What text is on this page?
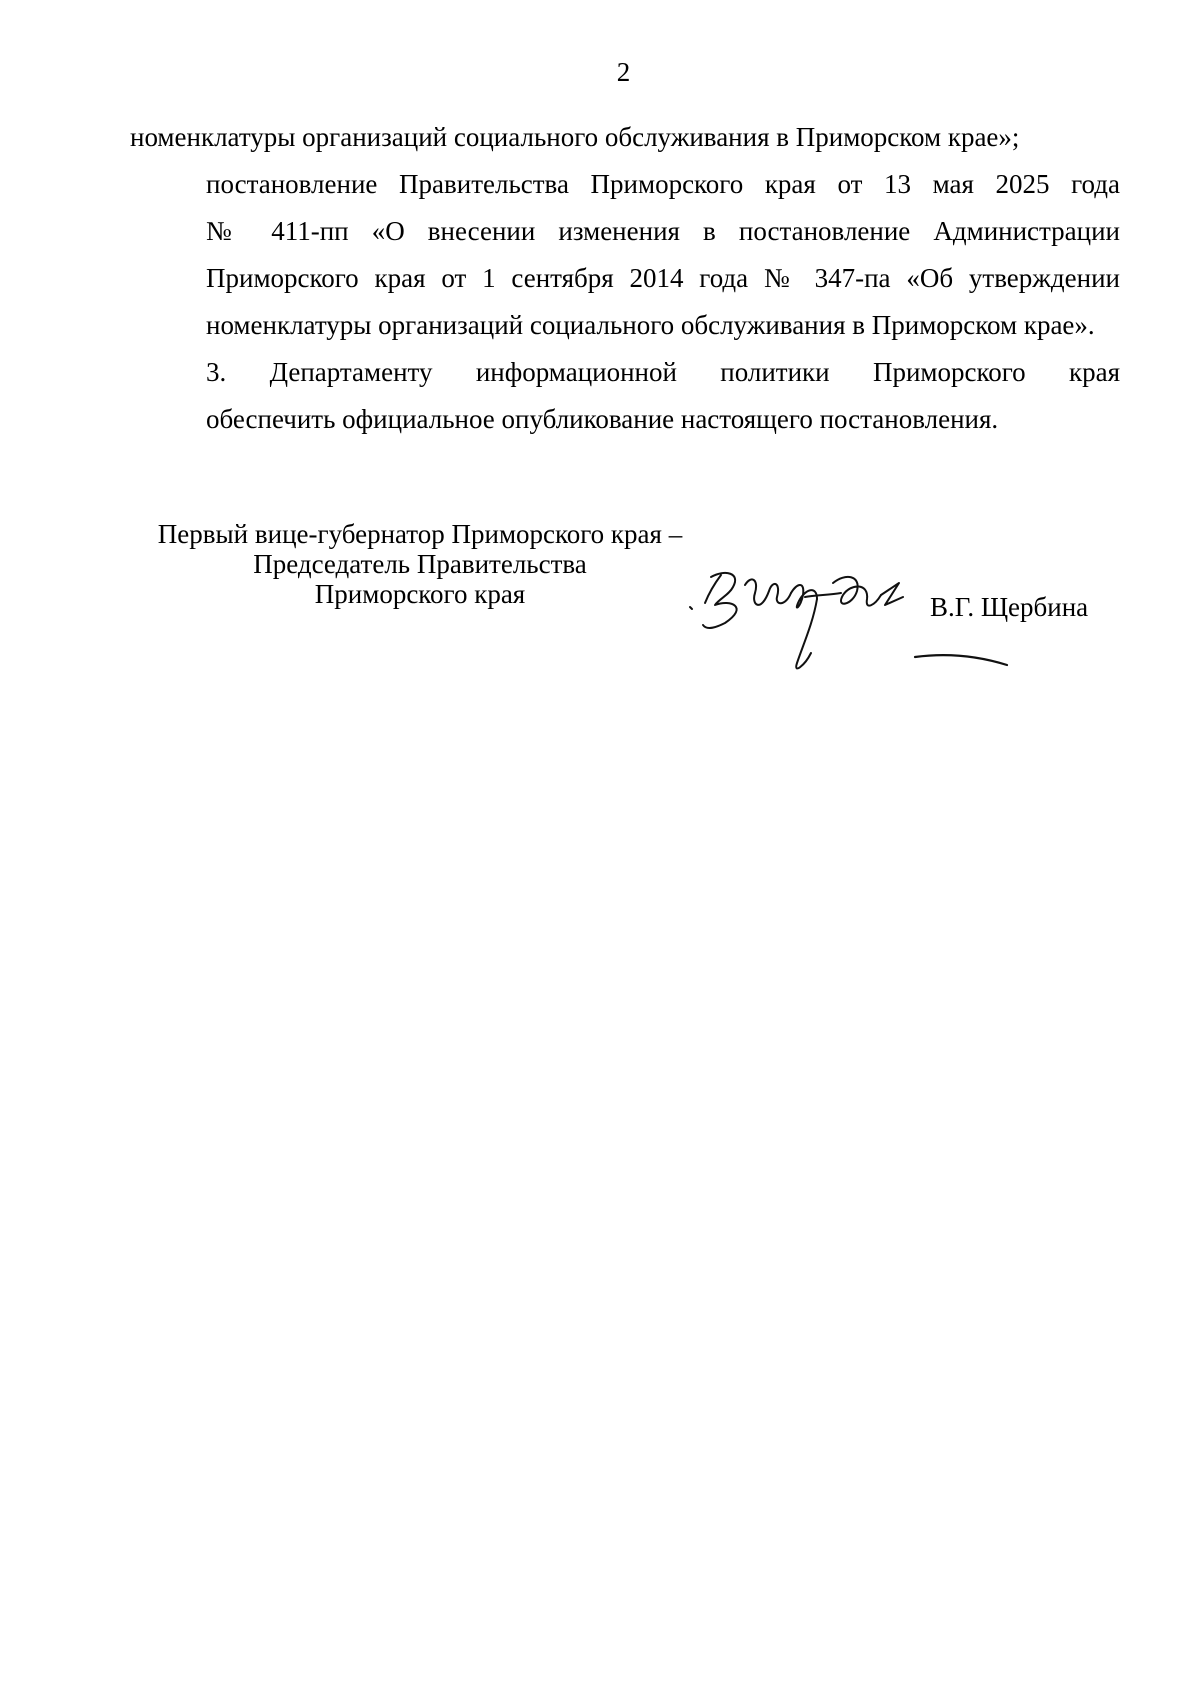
2

номенклатуры организаций социального обслуживания в Приморском крае»;

постановление Правительства Приморского края от 13 мая 2025 года
№ 411-пп «О внесении изменения в постановление Администрации
Приморского края от 1 сентября 2014 года № 347-па «Об утверждении
номенклатуры организаций социального обслуживания в Приморском крае».

3. Департаменту информационной политики Приморского края
обеспечить официальное опубликование настоящего постановления.

Первый вице-губернатор Приморского края –
Председатель Правительства
Приморского края	В.Г. Щербина
